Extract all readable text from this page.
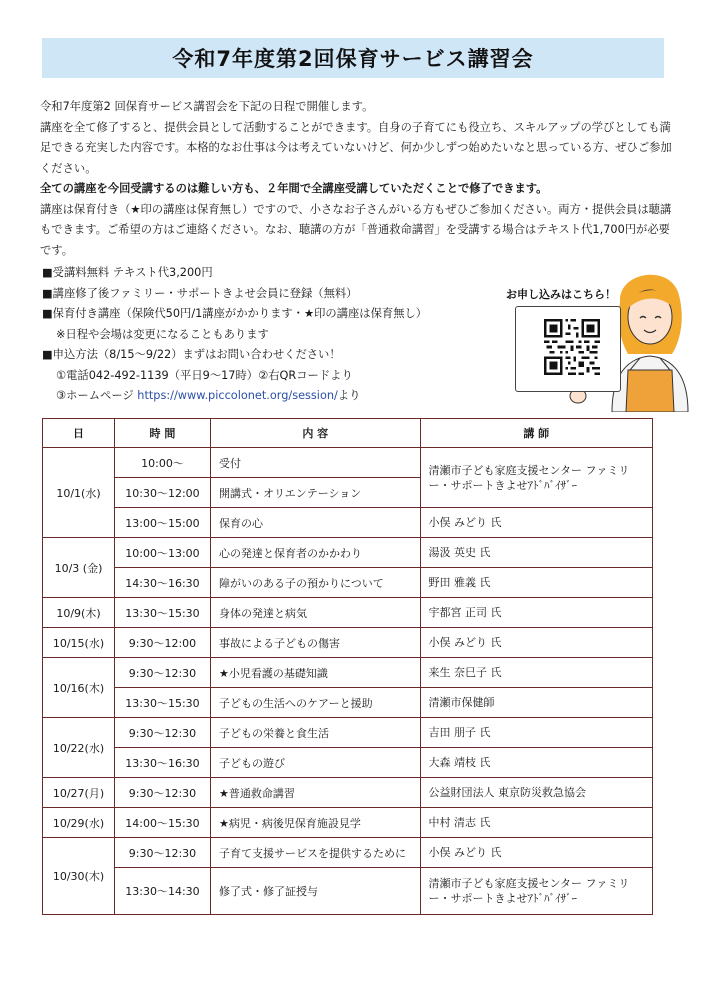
令和7年度第2回保育サービス講習会

令和7年度第2 回保育サービス講習会を下記の日程で開催します。

講座を全て修了すると、提供会員として活動することができます。自身の子育てにも役立ち、スキルアップの学びとしても満足できる充実した内容です。本格的なお仕事は今は考えていないけど、何か少しずつ始めたいなと思っている方、ぜひご参加ください。

全ての講座を今回受講するのは難しい方も、２年間で全講座受講していただくことで修了できます。

講座は保育付き（★印の講座は保育無し）ですので、小さなお子さんがいる方もぜひご参加ください。両方・提供会員は聴講もできます。ご希望の方はご連絡ください。なお、聴講の方が「普通救命講習」を受講する場合はテキスト代1,700円が必要です。

■受講料無料 テキスト代3,200円
■講座修了後ファミリー・サポートきよせ会員に登録（無料）
■保育付き講座（保険代50円/1講座がかかります・★印の講座は保育無し）
※日程や会場は変更になることもあります
■申込方法（8/15～9/22）まずはお問い合わせください！
①電話042-492-1139（平日9～17時）②右QRコードより
③ホームページ https://www.piccolonet.org/session/より
お申し込みはこちら！
日	時 間	内 容	講 師
10/1(水)	10:00～	受付	清瀬市子ども家庭支援センター ファミリー・サポートきよせｱﾄﾞﾊﾞｲｻﾞｰ
	10:30～12:00	開講式・オリエンテーション	
	13:00～15:00	保育の心	小俣 みどり 氏
10/3 (金)	10:00～13:00	心の発達と保育者のかかわり	湯汲 英史 氏
	14:30～16:30	障がいのある子の預かりについて	野田 雅義 氏
10/9(木)	13:30～15:30	身体の発達と病気	宇都宮 正司 氏
10/15(水)	9:30～12:00	事故による子どもの傷害	小俣 みどり 氏
10/16(木)	9:30～12:30	★小児看護の基礎知識	来生 奈巳子 氏
	13:30～15:30	子どもの生活へのケアーと援助	清瀬市保健師
10/22(水)	9:30～12:30	子どもの栄養と食生活	吉田 朋子 氏
	13:30～16:30	子どもの遊び	大森 靖枝 氏
10/27(月)	9:30～12:30	★普通救命講習	公益財団法人 東京防災救急協会
10/29(水)	14:00～15:30	★病児・病後児保育施設見学	中村 清志 氏
10/30(木)	9:30～12:30	子育て支援サービスを提供するために	小俣 みどり 氏
	13:30～14:30	修了式・修了証授与	清瀬市子ども家庭支援センター ファミリー・サポートきよせｱﾄﾞﾊﾞｲｻﾞｰ
